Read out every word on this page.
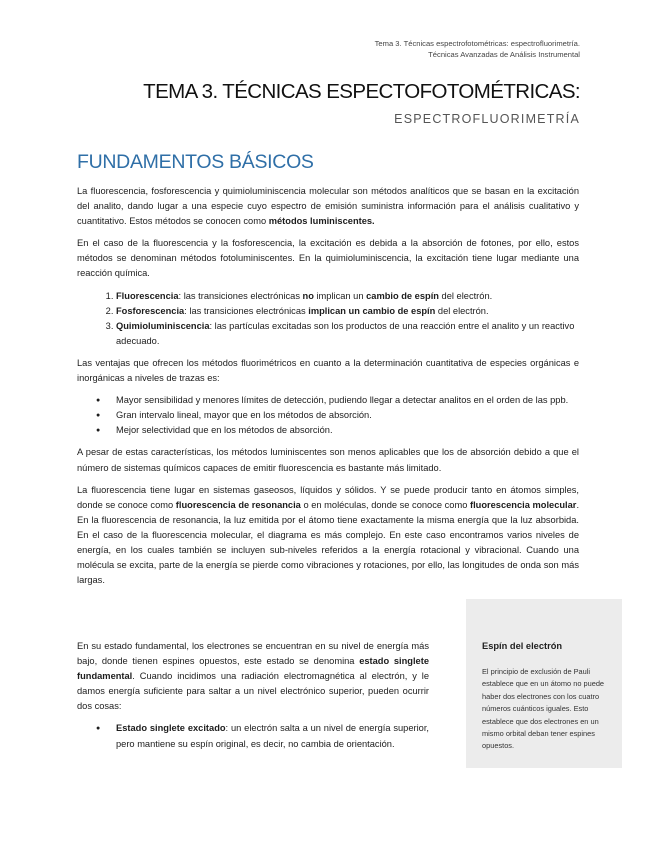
Tema 3. Técnicas espectrofotométricas: espectrofluorimetría.
Técnicas Avanzadas de Análisis Instrumental
TEMA 3. TÉCNICAS ESPECTOFOTOMÉTRICAS:
ESPECTROFLUORIMETRÍA
FUNDAMENTOS BÁSICOS

La fluorescencia, fosforescencia y quimioluminiscencia molecular son métodos analíticos que se basan en la excitación del analito, dando lugar a una especie cuyo espectro de emisión suministra información para el análisis cualitativo y cuantitativo. Estos métodos se conocen como métodos luminiscentes.

En el caso de la fluorescencia y la fosforescencia, la excitación es debida a la absorción de fotones, por ello, estos métodos se denominan métodos fotoluminiscentes. En la quimioluminiscencia, la excitación tiene lugar mediante una reacción química.

1. Fluorescencia: las transiciones electrónicas no implican un cambio de espín del electrón.
2. Fosforescencia: las transiciones electrónicas implican un cambio de espín del electrón.
3. Quimioluminiscencia: las partículas excitadas son los productos de una reacción entre el analito y un reactivo adecuado.

Las ventajas que ofrecen los métodos fluorimétricos en cuanto a la determinación cuantitativa de especies orgánicas e inorgánicas a niveles de trazas es:

● Mayor sensibilidad y menores límites de detección, pudiendo llegar a detectar analitos en el orden de las ppb.
● Gran intervalo lineal, mayor que en los métodos de absorción.
● Mejor selectividad que en los métodos de absorción.

A pesar de estas características, los métodos luminiscentes son menos aplicables que los de absorción debido a que el número de sistemas químicos capaces de emitir fluorescencia es bastante más limitado.

La fluorescencia tiene lugar en sistemas gaseosos, líquidos y sólidos. Y se puede producir tanto en átomos simples, donde se conoce como fluorescencia de resonancia o en moléculas, donde se conoce como fluorescencia molecular. En la fluorescencia de resonancia, la luz emitida por el átomo tiene exactamente la misma energía que la luz absorbida. En el caso de la fluorescencia molecular, el diagrama es más complejo. En este caso encontramos varios niveles de energía, en los cuales también se incluyen sub-niveles referidos a la energía rotacional y vibracional. Cuando una molécula se excita, parte de la energía se pierde como vibraciones y rotaciones, por ello, las longitudes de onda son más largas.

En su estado fundamental, los electrones se encuentran en su nivel de energía más bajo, donde tienen espines opuestos, este estado se denomina estado singlete fundamental. Cuando incidimos una radiación electromagnética al electrón, y le damos energía suficiente para saltar a un nivel electrónico superior, pueden ocurrir dos cosas:

● Estado singlete excitado: un electrón salta a un nivel de energía superior, pero mantiene su espín original, es decir, no cambia de orientación.
Espín del electrón
El principio de exclusión de Pauli establece que en un átomo no puede haber dos electrones con los cuatro números cuánticos iguales. Esto establece que dos electrones en un mismo orbital deban tener espines opuestos.
